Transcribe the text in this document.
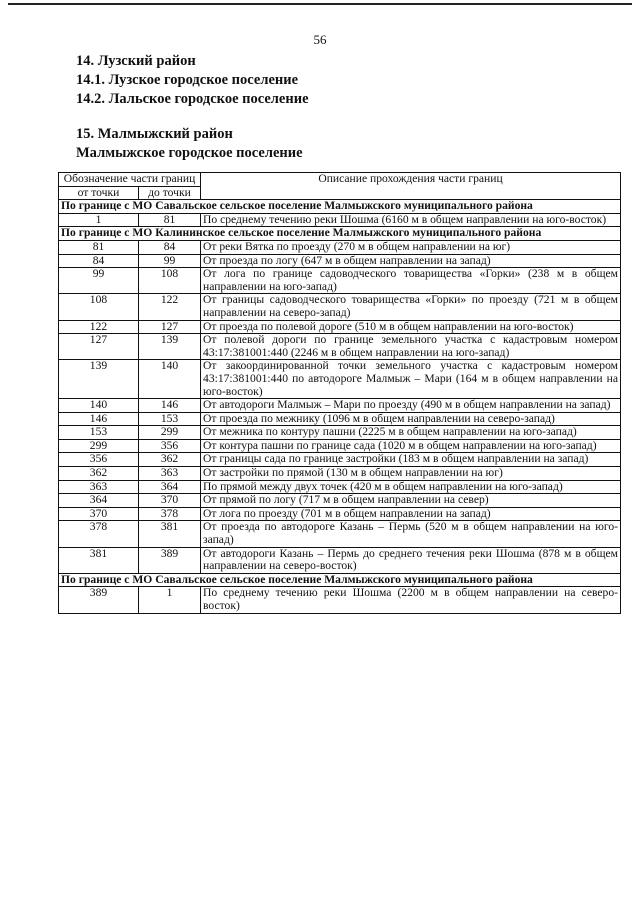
56
14. Лузский район
14.1. Лузское городское поселение
14.2. Лальское городское поселение
15. Малмыжский район
Малмыжское городское поселение
Обозначение части границ		Описание прохождения части границ
от точки	до точки	
По границе с МО Савальское сельское поселение Малмыжского муниципального района		
1	81	По среднему течению реки Шошма (6160 м в общем направлении на юго-восток)
По границе с МО Калининское сельское поселение Малмыжского муниципального района		
81	84	От реки Вятка по проезду (270 м в общем направлении на юг)
84	99	От проезда по логу (647 м в общем направлении на запад)
99	108	От лога по границе садоводческого товарищества «Горки» (238 м в общем направлении на юго-запад)
108	122	От границы садоводческого товарищества «Горки» по проезду (721 м в общем направлении на северо-запад)
122	127	От проезда по полевой дороге (510 м в общем направлении на юго-восток)
127	139	От полевой дороги по границе земельного участка с кадастровым номером 43:17:381001:440 (2246 м в общем направлении на юго-запад)
139	140	От закоординированной точки земельного участка с кадастровым номером 43:17:381001:440 по автодороге Малмыж – Мари (164 м в общем направлении на юго-восток)
140	146	От автодороги Малмыж – Мари по проезду (490 м в общем направлении на запад)
146	153	От проезда по межнику (1096 м в общем направлении на северо-запад)
153	299	От межника по контуру пашни (2225 м в общем направлении на юго-запад)
299	356	От контура пашни по границе сада (1020 м в общем направлении на юго-запад)
356	362	От границы сада по границе застройки (183 м в общем направлении на запад)
362	363	От застройки по прямой (130 м в общем направлении на юг)
363	364	По прямой между двух точек (420 м в общем направлении на юго-запад)
364	370	От прямой по логу (717 м в общем направлении на север)
370	378	От лога по проезду (701 м в общем направлении на запад)
378	381	От проезда по автодороге Казань – Пермь (520 м в общем направлении на юго-запад)
381	389	От автодороги Казань – Пермь до среднего течения реки Шошма (878 м в общем направлении на северо-восток)
По границе с МО Савальское сельское поселение Малмыжского муниципального района		
389	1	По среднему течению реки Шошма (2200 м в общем направлении на северо-восток)
